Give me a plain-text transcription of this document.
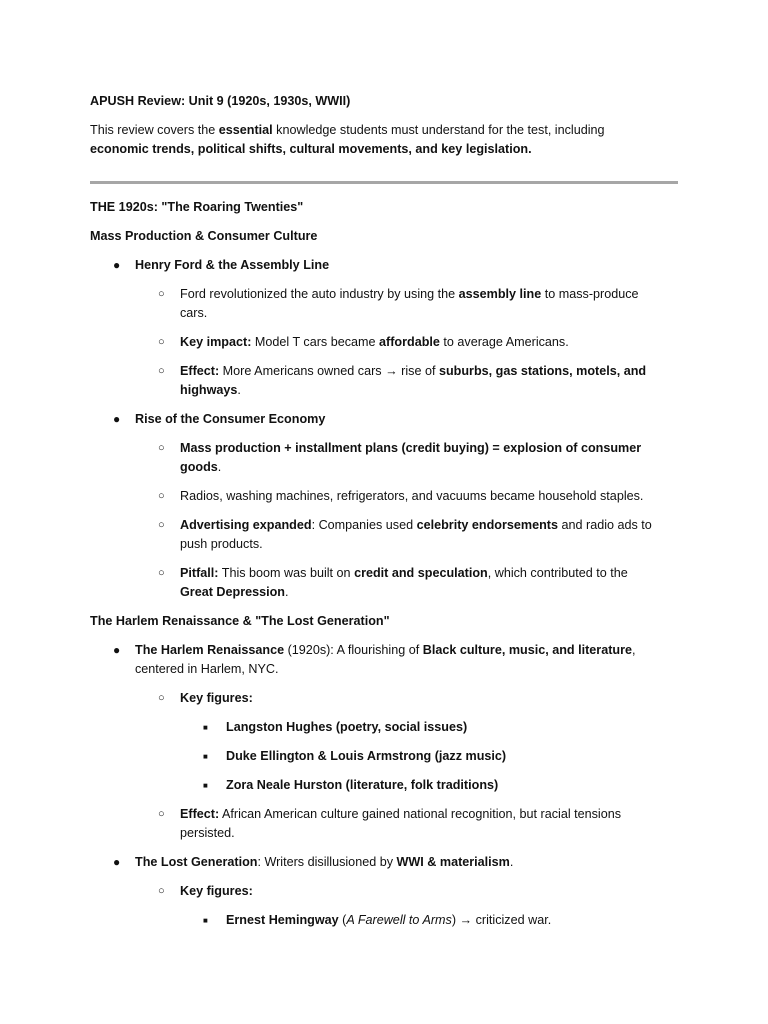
APUSH Review: Unit 9 (1920s, 1930s, WWII)
This review covers the essential knowledge students must understand for the test, including
economic trends, political shifts, cultural movements, and key legislation.
THE 1920s: "The Roaring Twenties"
Mass Production & Consumer Culture
● Henry Ford & the Assembly Line
○ Ford revolutionized the auto industry by using the assembly line to mass-produce
cars.
○ Key impact: Model T cars became affordable to average Americans.
○ Effect: More Americans owned cars → rise of suburbs, gas stations, motels, and
highways.
● Rise of the Consumer Economy
○ Mass production + installment plans (credit buying) = explosion of consumer
goods.
○ Radios, washing machines, refrigerators, and vacuums became household staples.
○ Advertising expanded: Companies used celebrity endorsements and radio ads to
push products.
○ Pitfall: This boom was built on credit and speculation, which contributed to the
Great Depression.
The Harlem Renaissance & "The Lost Generation"
● The Harlem Renaissance (1920s): A flourishing of Black culture, music, and literature,
centered in Harlem, NYC.
○ Key figures:
■ Langston Hughes (poetry, social issues)
■ Duke Ellington & Louis Armstrong (jazz music)
■ Zora Neale Hurston (literature, folk traditions)
○ Effect: African American culture gained national recognition, but racial tensions
persisted.
● The Lost Generation: Writers disillusioned by WWI & materialism.
○ Key figures:
■ Ernest Hemingway (A Farewell to Arms) → criticized war.
